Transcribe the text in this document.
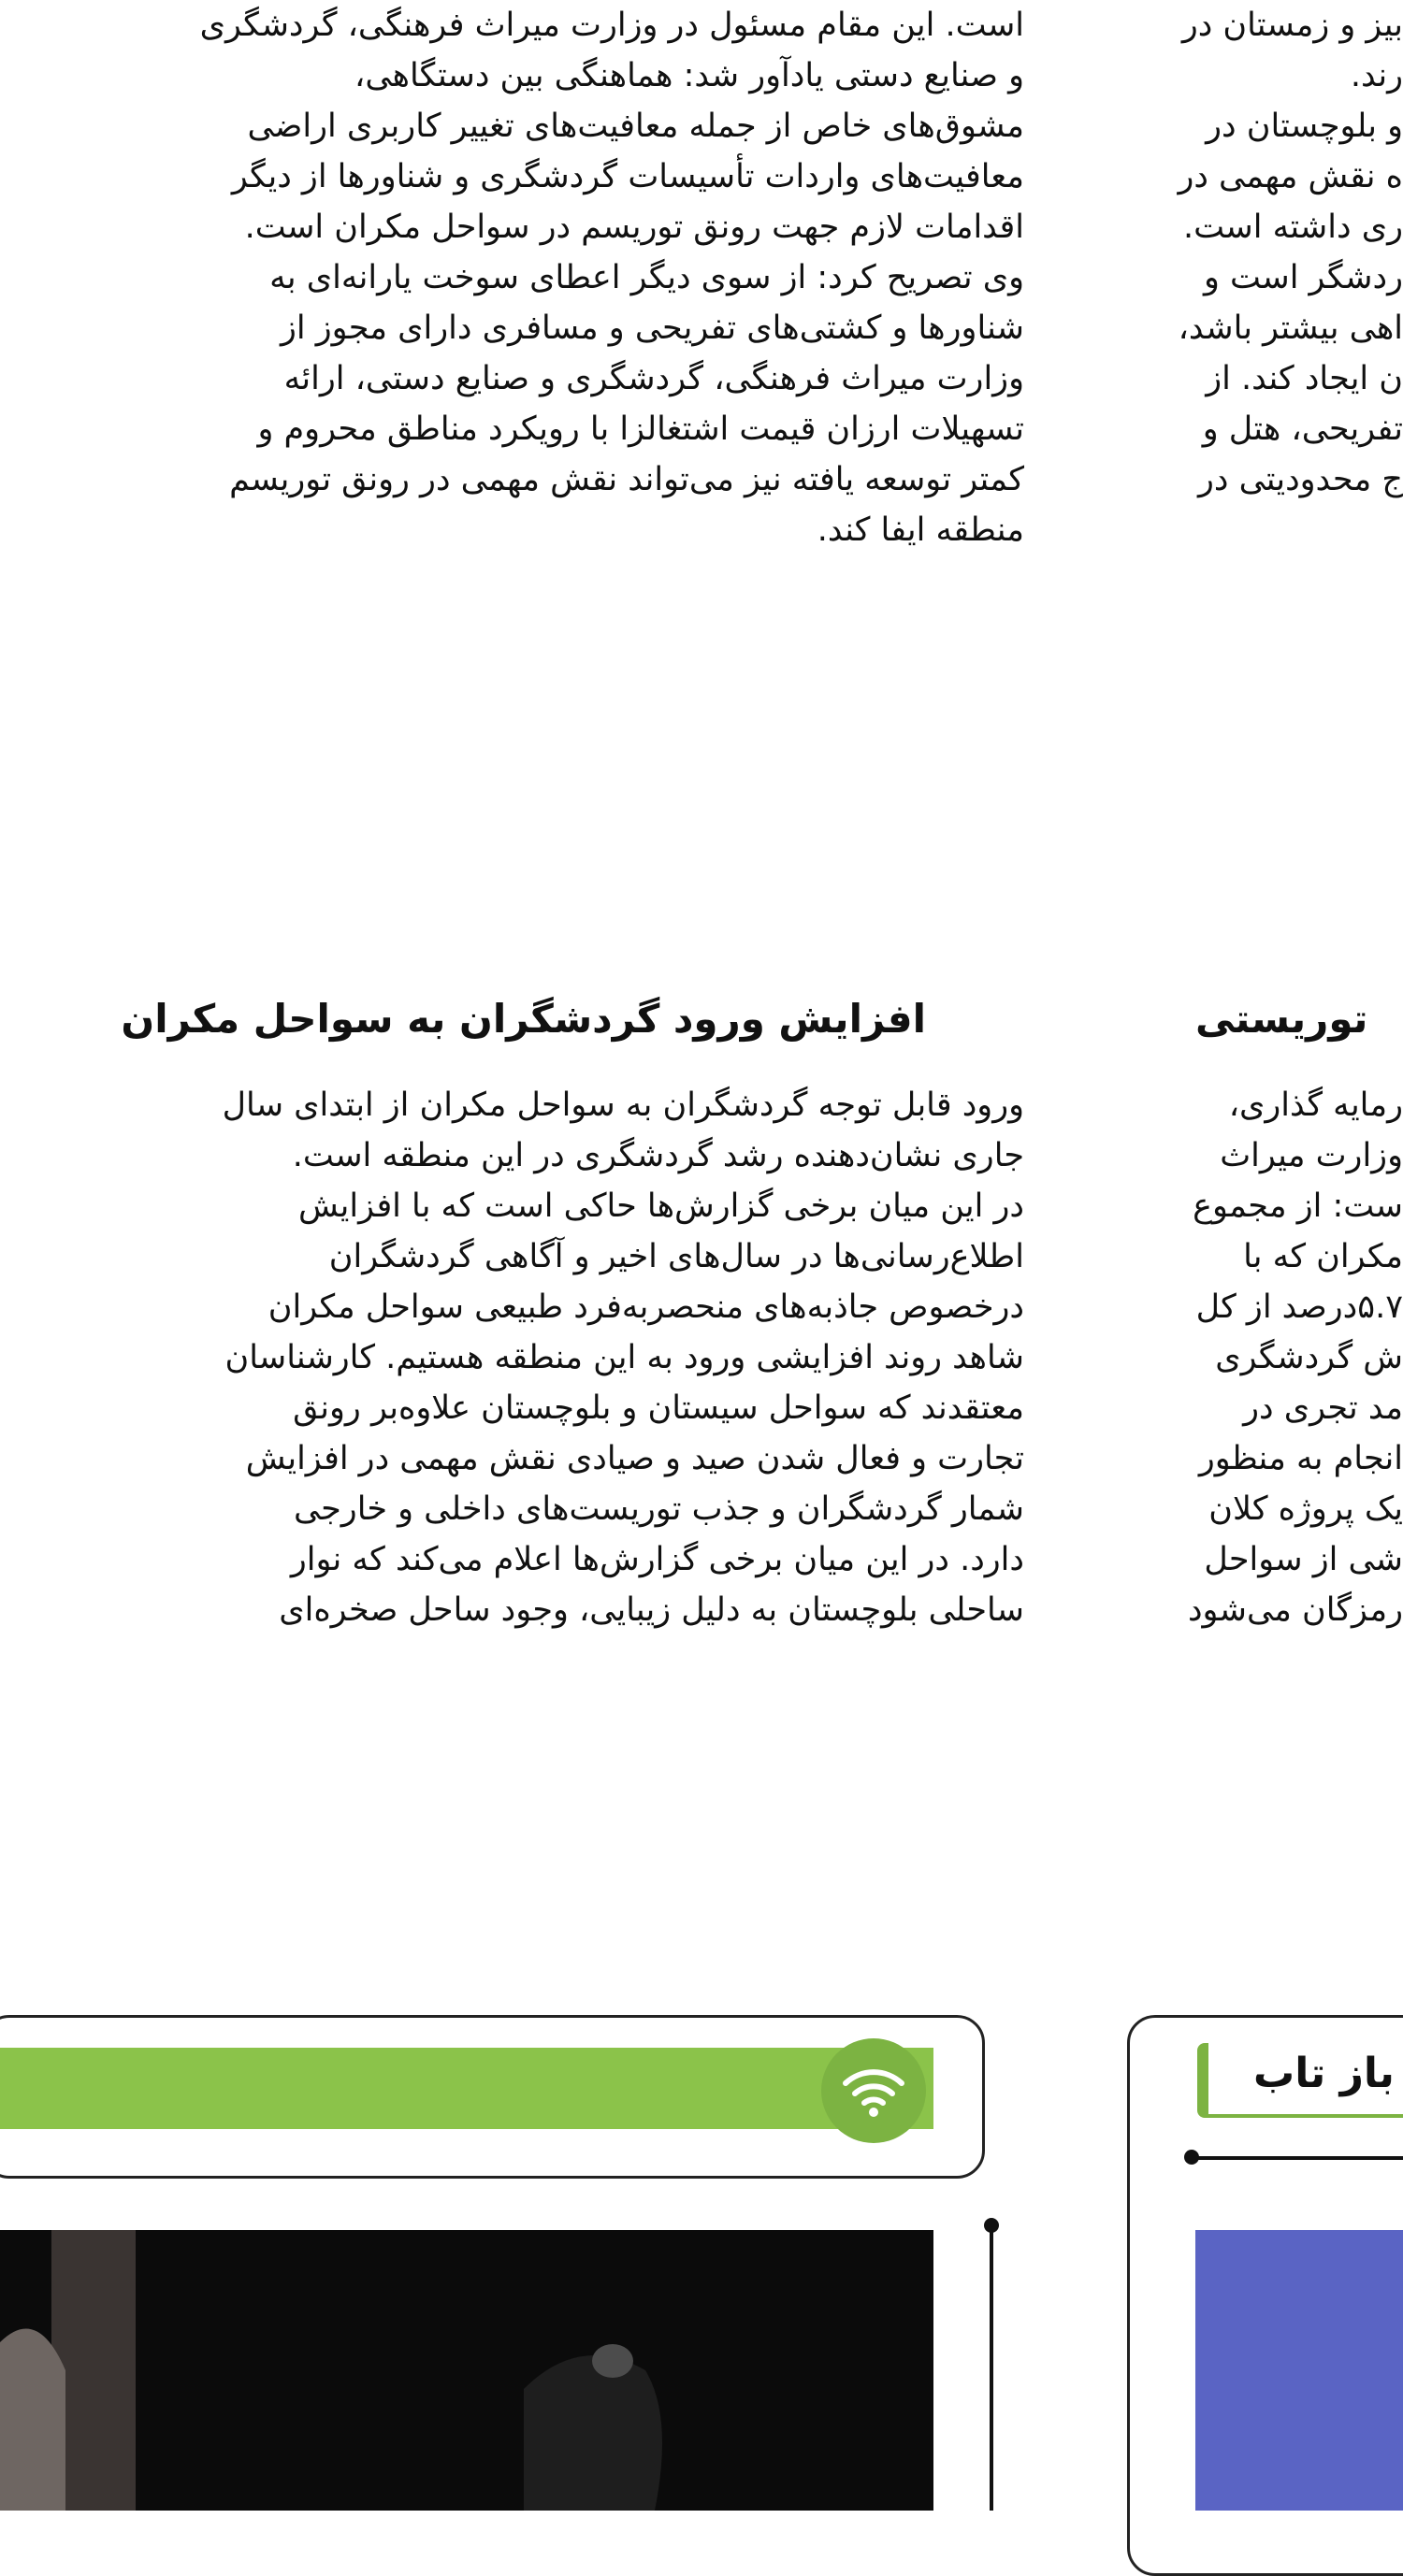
است. این مقام مسئول در وزارت میراث فرهنگی، گردشگری

و صنایع دستی یادآور شد: هماهنگی بین دستگاهی،

مشوق‌های خاص از جمله معافیت‌های تغییر کاربری اراضی

معافیت‌های واردات تأسیسات گردشگری و شناورها از دیگر

اقدامات لازم جهت رونق توریسم در سواحل مکران است.

وی تصریح کرد: از سوی دیگر اعطای سوخت یارانه‌ای به

شناورها و کشتی‌های تفریحی و مسافری دارای مجوز از

وزارت میراث فرهنگی، گردشگری و صنایع دستی، ارائه

تسهیلات ارزان قیمت اشتغالزا با رویکرد مناطق محروم و

کمتر توسعه یافته نیز می‌تواند نقش مهمی در رونق توریسم

منطقه ایفا کند.

افزایش ورود گردشگران به سواحل مکران

ورود قابل توجه گردشگران به سواحل مکران از ابتدای سال

جاری نشان‌دهنده رشد گردشگری در این منطقه است.

در این میان برخی گزارش‌ها حاکی است که با افزایش

اطلاع‌رسانی‌ها در سال‌های اخیر و آگاهی گردشگران

درخصوص جاذبه‌های منحصربه‌فرد طبیعی سواحل مکران

شاهد روند افزایشی ورود به این منطقه هستیم. کارشناسان

معتقدند که سواحل سیستان و بلوچستان علاوه‌بر رونق

تجارت و فعال شدن صید و صیادی نقش مهمی در افزایش

شمار گردشگران و جذب توریست‌های داخلی و خارجی

دارد. در این میان برخی گزارش‌ها اعلام می‌کند که نوار

ساحلی بلوچستان به دلیل زیبایی، وجود ساحل صخره‌ای

بیز و زمستان در

رند.

و بلوچستان در

ه نقش مهمی در

ری داشته است.

ردشگر است و

اهی بیشتر باشد،

ن ایجاد کند. از

تفریحی، هتل و

ج محدودیتی در

توریستی

رمایه گذاری،

وزارت میراث

ست: از مجموع

مکران که با

۵.۷درصد از کل

ش گردشگری

مد تجری در

انجام به منظور

یک پروژه کلان

شی از سواحل

رمزگان می‌شود

باز تاب
